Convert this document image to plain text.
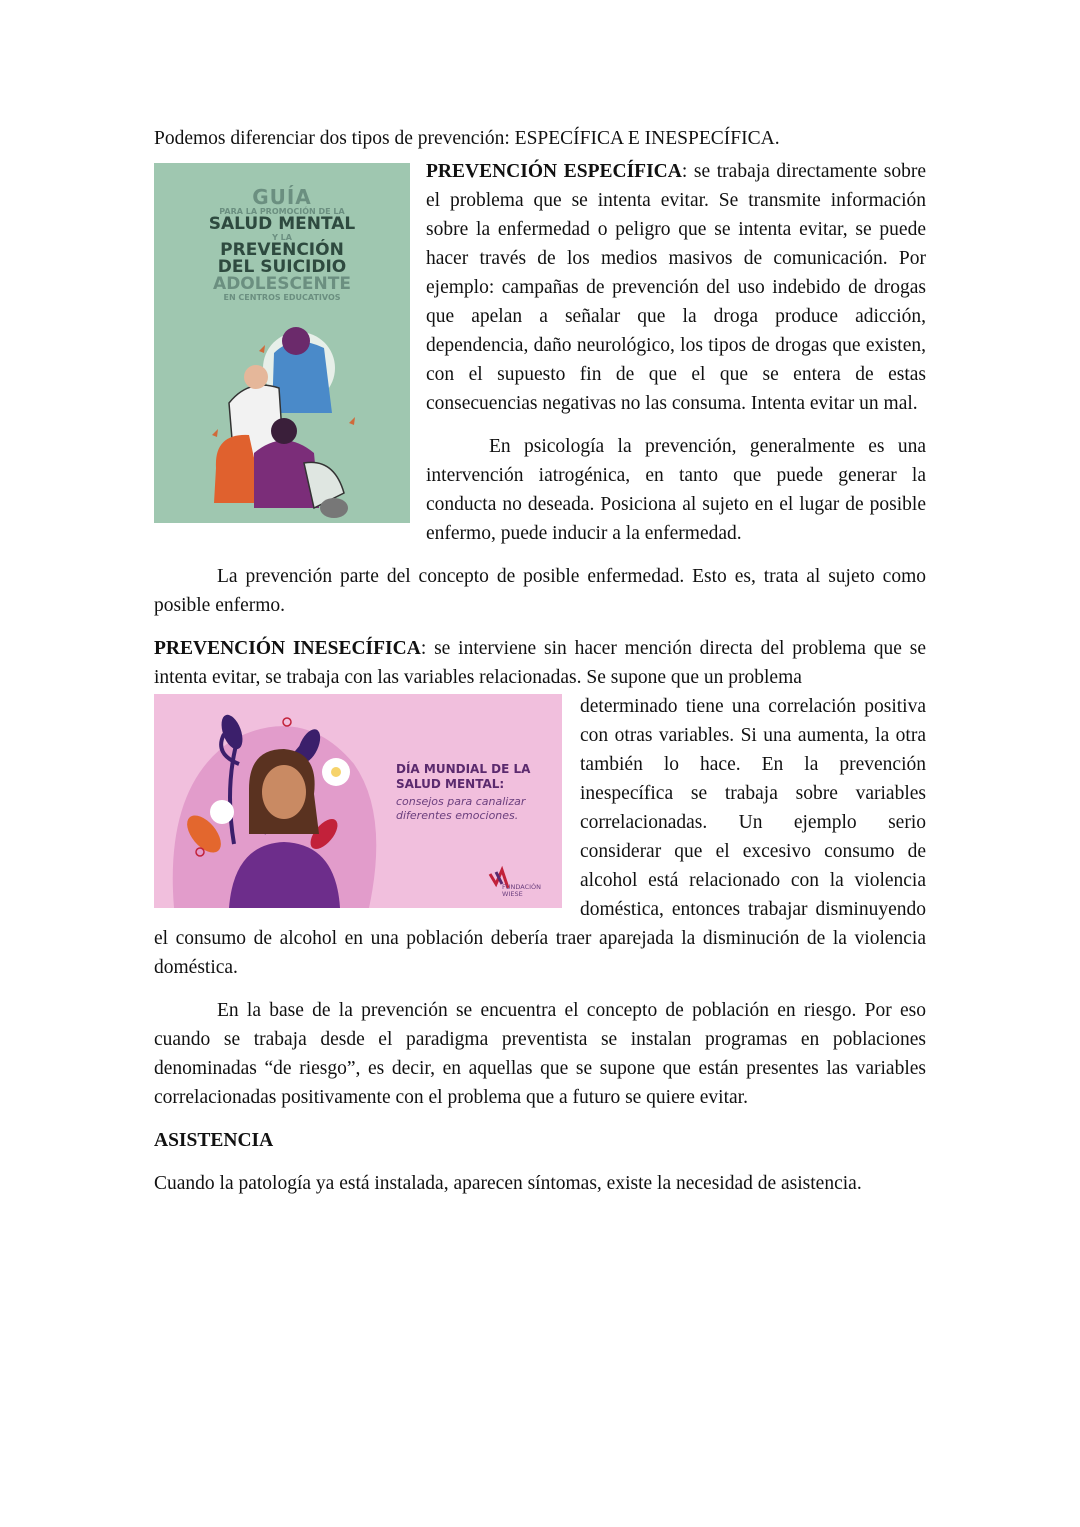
Podemos diferenciar dos tipos de prevención: ESPECÍFICA E INESPECÍFICA.

GUÍA
PARA LA PROMOCIÓN DE LA
SALUD MENTAL
Y LA
PREVENCIÓN
DEL SUICIDIO
ADOLESCENTE
EN CENTROS EDUCATIVOS

PREVENCIÓN ESPECÍFICA: se trabaja directamente sobre el problema que se intenta evitar. Se transmite información sobre la enfermedad o peligro que se intenta evitar, se puede hacer través de los medios masivos de comunicación. Por ejemplo: campañas de prevención del uso indebido de drogas que apelan a señalar que la droga produce adicción, dependencia, daño neurológico, los tipos de drogas que existen, con el supuesto fin de que el que se entera de estas consecuencias negativas no las consuma. Intenta evitar un mal.

En psicología la prevención, generalmente es una intervención iatrogénica, en tanto que puede generar la conducta no deseada. Posiciona al sujeto en el lugar de posible enfermo, puede inducir a la enfermedad.

La prevención parte del concepto de posible enfermedad. Esto es, trata al sujeto como posible enfermo.

PREVENCIÓN INESECÍFICA: se interviene sin hacer mención directa del problema que se intenta evitar, se trabaja con las variables relacionadas. Se supone que un problema

DÍA MUNDIAL DE LA SALUD MENTAL:
consejos para canalizar diferentes emociones.
FUNDACIÓN
WIESE

determinado tiene una correlación positiva con otras variables. Si una aumenta, la otra también lo hace. En la prevención inespecífica se trabaja sobre variables correlacionadas. Un ejemplo serio considerar que el excesivo consumo de alcohol está relacionado con la violencia doméstica, entonces trabajar disminuyendo el consumo de alcohol en una población debería traer aparejada la disminución de la violencia doméstica.

En la base de la prevención se encuentra el concepto de población en riesgo. Por eso cuando se trabaja desde el paradigma preventista se instalan programas en poblaciones denominadas “de riesgo”, es decir, en aquellas que se supone que están presentes las variables correlacionadas positivamente con el problema que a futuro se quiere evitar.

ASISTENCIA

Cuando la patología ya está instalada, aparecen síntomas, existe la necesidad de asistencia.
